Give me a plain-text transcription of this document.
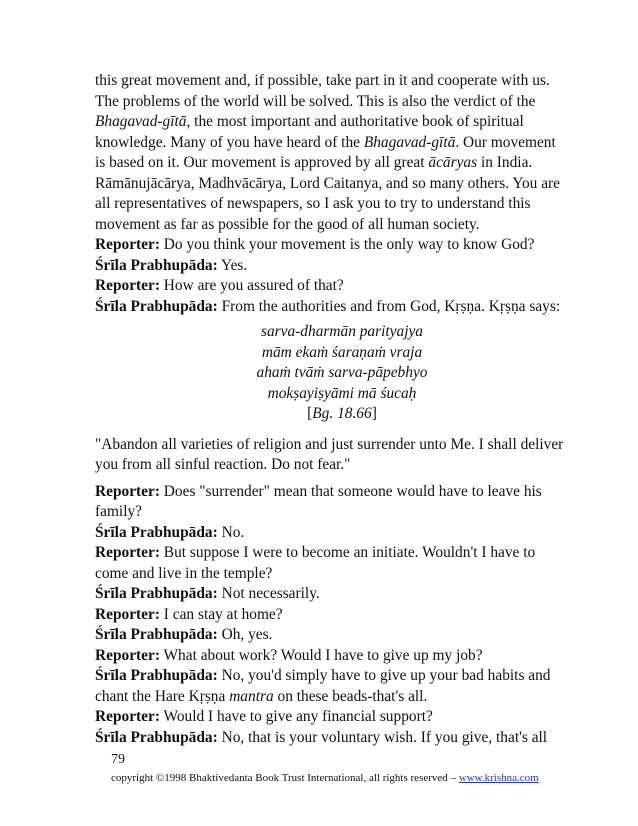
this great movement and, if possible, take part in it and cooperate with us. The problems of the world will be solved. This is also the verdict of the Bhagavad-gītā, the most important and authoritative book of spiritual knowledge. Many of you have heard of the Bhagavad-gītā. Our movement is based on it. Our movement is approved by all great ācāryas in India. Rāmānujācārya, Madhvācārya, Lord Caitanya, and so many others. You are all representatives of newspapers, so I ask you to try to understand this movement as far as possible for the good of all human society.

Reporter: Do you think your movement is the only way to know God?

Śrīla Prabhupāda: Yes.

Reporter: How are you assured of that?

Śrīla Prabhupāda: From the authorities and from God, Kṛṣṇa. Kṛṣṇa says:

sarva-dharmān parityajya
mām ekaṁ śaraṇaṁ vraja
ahaṁ tvāṁ sarva-pāpebhyo
mokṣayiṣyāmi mā śucaḥ
[Bg. 18.66]

"Abandon all varieties of religion and just surrender unto Me. I shall deliver you from all sinful reaction. Do not fear."

Reporter: Does "surrender" mean that someone would have to leave his family?

Śrīla Prabhupāda: No.

Reporter: But suppose I were to become an initiate. Wouldn't I have to come and live in the temple?

Śrīla Prabhupāda: Not necessarily.

Reporter: I can stay at home?

Śrīla Prabhupāda: Oh, yes.

Reporter: What about work? Would I have to give up my job?

Śrīla Prabhupāda: No, you'd simply have to give up your bad habits and chant the Hare Kṛṣṇa mantra on these beads-that's all.

Reporter: Would I have to give any financial support?

Śrīla Prabhupāda: No, that is your voluntary wish. If you give, that's all

79
copyright ©1998 Bhaktivedanta Book Trust International, all rights reserved – www.krishna.com
